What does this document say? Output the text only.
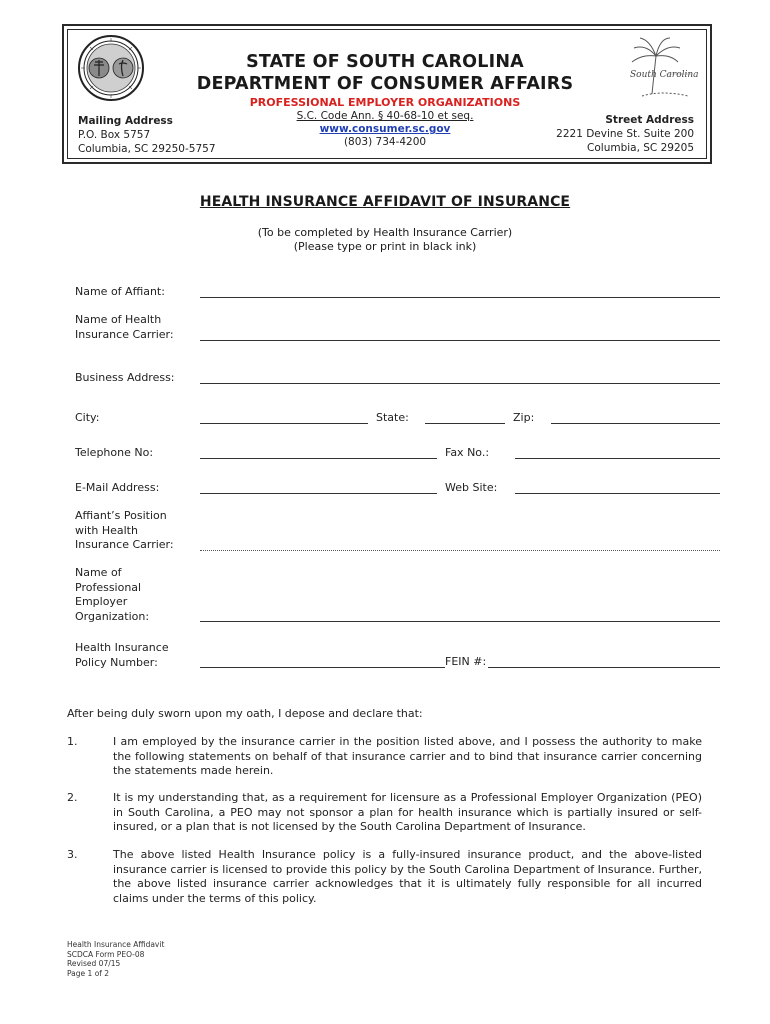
South Carolina
STATE OF SOUTH CAROLINA
DEPARTMENT OF CONSUMER AFFAIRS
PROFESSIONAL EMPLOYER ORGANIZATIONS
S.C. Code Ann. § 40-68-10 et seq.
www.consumer.sc.gov
(803) 734-4200
Mailing Address
P.O. Box 5757
Columbia, SC 29250-5757
Street Address
2221 Devine St. Suite 200
Columbia, SC 29205
HEALTH INSURANCE AFFIDAVIT OF INSURANCE
(To be completed by Health Insurance Carrier)
(Please type or print in black ink)
Name of Affiant:
Name of Health
Insurance Carrier:
Business Address:
City:	State:	Zip:
Telephone No:	Fax No.:
E-Mail Address:	Web Site:
Affiant’s Position
with Health
Insurance Carrier:
Name of
Professional
Employer
Organization:
Health Insurance
Policy Number:	FEIN #:
After being duly sworn upon my oath, I depose and declare that:
1.	I am employed by the insurance carrier in the position listed above, and I possess the authority to make the following statements on behalf of that insurance carrier and to bind that insurance carrier concerning the statements made herein.
2.	It is my understanding that, as a requirement for licensure as a Professional Employer Organization (PEO) in South Carolina, a PEO may not sponsor a plan for health insurance which is partially insured or self-insured, or a plan that is not licensed by the South Carolina Department of Insurance.
3.	The above listed Health Insurance policy is a fully-insured insurance product, and the above-listed insurance carrier is licensed to provide this policy by the South Carolina Department of Insurance. Further, the above listed insurance carrier acknowledges that it is ultimately fully responsible for all incurred claims under the terms of this policy.
Health Insurance Affidavit
SCDCA Form PEO-08
Revised 07/15
Page 1 of 2
